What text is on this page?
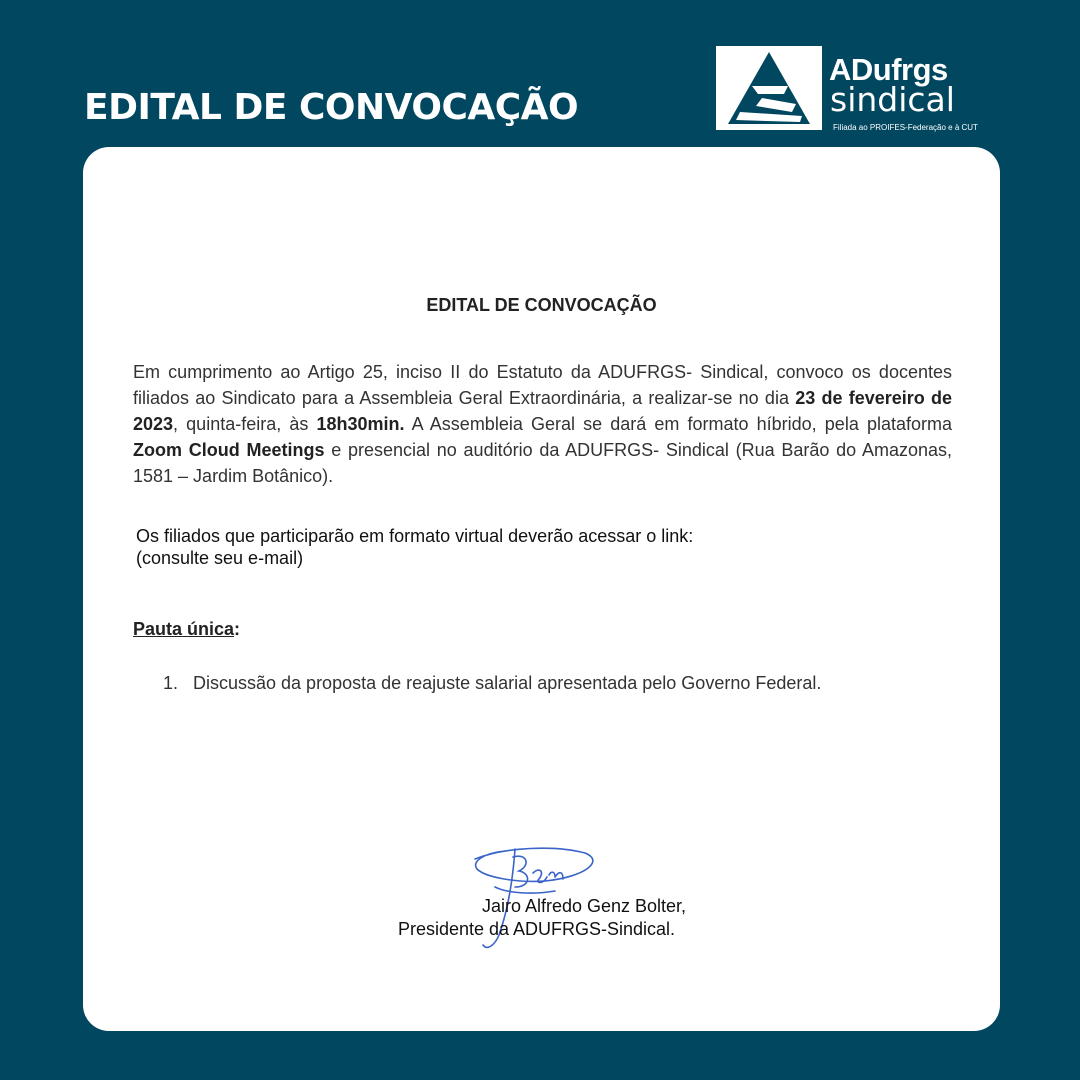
EDITAL DE CONVOCAÇÃO
ADufrgs
sindical
Filiada ao PROIFES-Federação e à CUT
EDITAL DE CONVOCAÇÃO

Em cumprimento ao Artigo 25, inciso II do Estatuto da ADUFRGS- Sindical, convoco os docentes filiados ao Sindicato para a Assembleia Geral Extraordinária, a realizar-se no dia 23 de fevereiro de 2023, quinta-feira, às 18h30min. A Assembleia Geral se dará em formato híbrido, pela plataforma Zoom Cloud Meetings e presencial no auditório da ADUFRGS- Sindical (Rua Barão do Amazonas, 1581 – Jardim Botânico).

Os filiados que participarão em formato virtual deverão acessar o link:
(consulte seu e-mail)

Pauta única:

1. Discussão da proposta de reajuste salarial apresentada pelo Governo Federal.

Jairo Alfredo Genz Bolter,
Presidente da ADUFRGS-Sindical.
